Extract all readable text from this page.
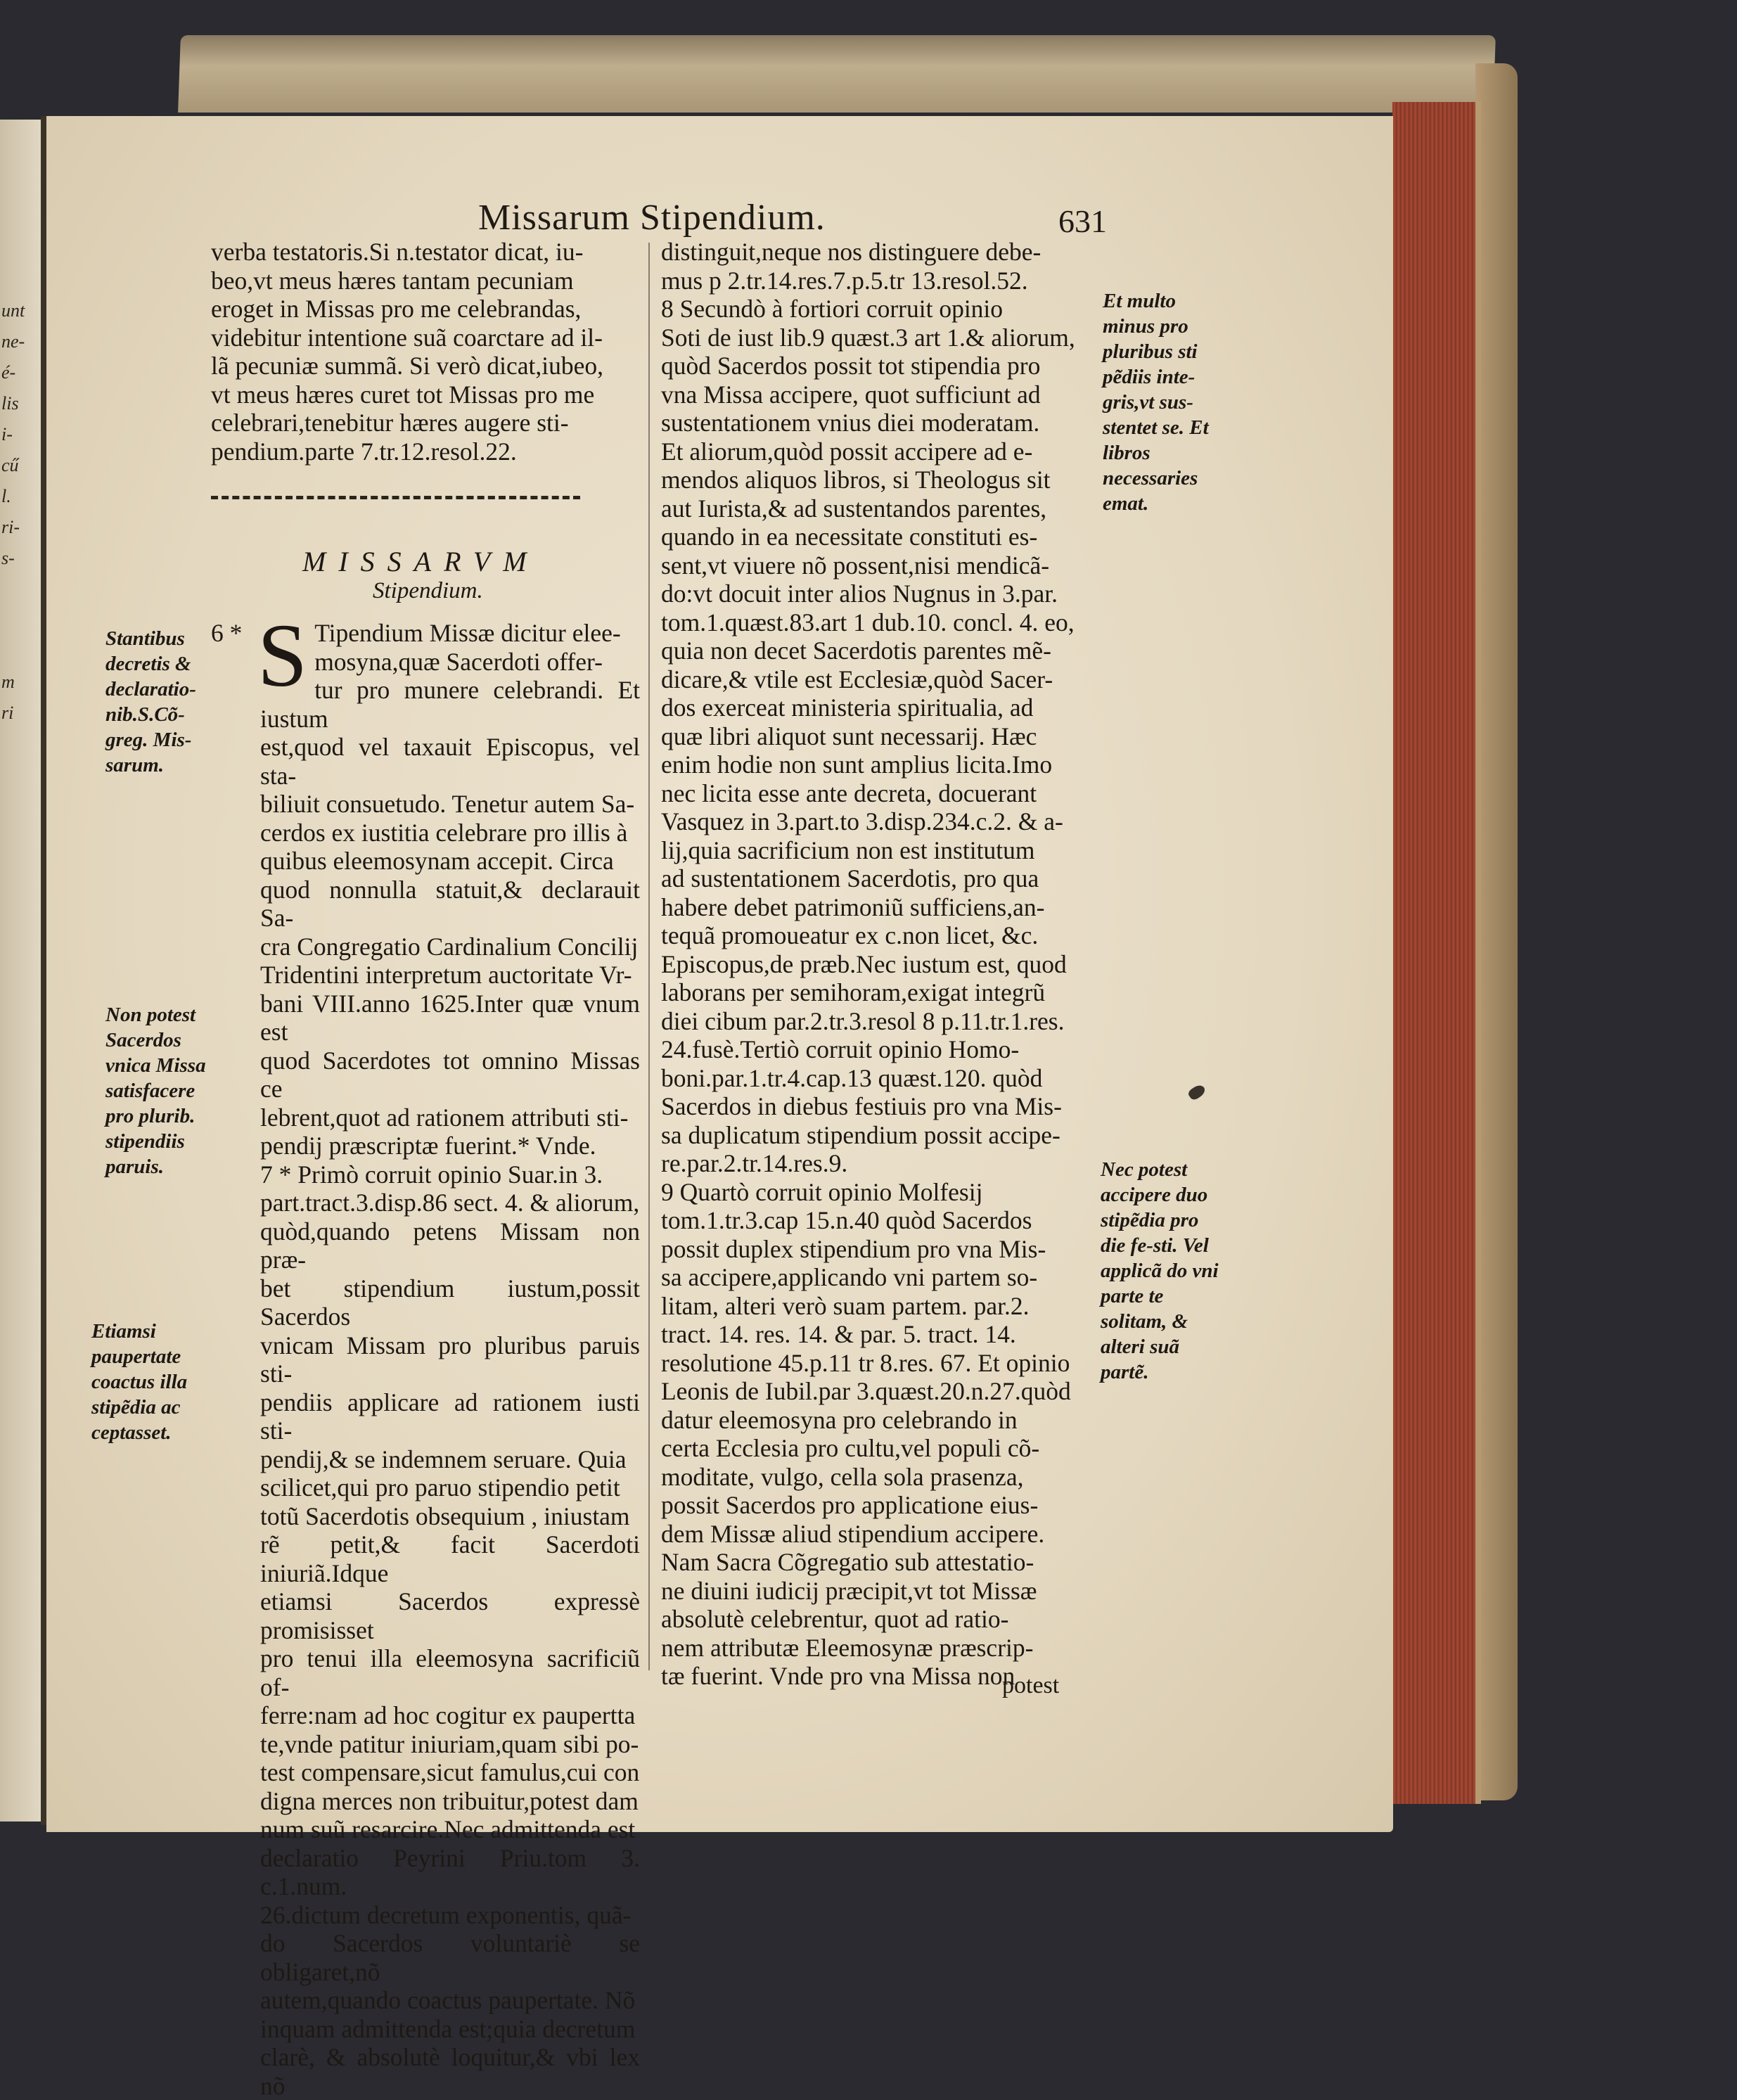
unt
ne-
é-
lis
i-
cű
l.
ri-
s-

m
ri
Missarum Stipendium.	631

verba testatoris.Si n.testator dicat, iu-

beo,vt meus hæres tantam pecuniam

eroget in Missas pro me celebrandas,

videbitur intentione suã coarctare ad il-

lã pecuniæ summã. Si verò dicat,iubeo,

vt meus hæres curet tot Missas pro me

celebrari,tenebitur hæres augere sti-

pendium.parte 7.tr.12.resol.22.

MISSARVM
Stipendium.
6 * S Tipendium Missæ dicitur elee-

mosyna,quæ Sacerdoti offer-

tur pro munere celebrandi. Et iustum

est,quod vel taxauit Episcopus, vel sta-

biliuit consuetudo. Tenetur autem Sa-

cerdos ex iustitia celebrare pro illis à

quibus eleemosynam accepit. Circa

quod nonnulla statuit,& declarauit Sa-

cra Congregatio Cardinalium Concilij

Tridentini interpretum auctoritate Vr-

bani VIII.anno 1625.Inter quæ vnum est

quod Sacerdotes tot omnino Missas ce

lebrent,quot ad rationem attributi sti-

pendij præscriptæ fuerint.* Vnde.

7 * Primò corruit opinio Suar.in 3.

part.tract.3.disp.86 sect. 4. & aliorum,

quòd,quando petens Missam non præ-

bet stipendium iustum,possit Sacerdos

vnicam Missam pro pluribus paruis sti-

pendiis applicare ad rationem iusti sti-

pendij,& se indemnem seruare. Quia

scilicet,qui pro paruo stipendio petit

totũ Sacerdotis obsequium , iniustam

rẽ petit,& facit Sacerdoti iniuriã.Idque

etiamsi Sacerdos expressè promisisset

pro tenui illa eleemosyna sacrificiũ of-

ferre:nam ad hoc cogitur ex paupertta

te,vnde patitur iniuriam,quam sibi po-

test compensare,sicut famulus,cui con

digna merces non tribuitur,potest dam

num suũ resarcire.Nec admittenda est

declaratio Peyrini Priu.tom 3. c.1.num.

26.dictum decretum exponentis, quã-

do Sacerdos voluntariè se obligaret,nõ

autem,quando coactus paupertate. Nõ

inquam admittenda est;quia decretum

clarè, & absolutè loquitur,& vbi lex nõ

distinguit,neque nos distinguere debe-

mus p 2.tr.14.res.7.p.5.tr 13.resol.52.

8 Secundò à fortiori corruit opinio

Soti de iust lib.9 quæst.3 art 1.& aliorum,

quòd Sacerdos possit tot stipendia pro

vna Missa accipere, quot sufficiunt ad

sustentationem vnius diei moderatam.

Et aliorum,quòd possit accipere ad e-

mendos aliquos libros, si Theologus sit

aut Iurista,& ad sustentandos parentes,

quando in ea necessitate constituti es-

sent,vt viuere nõ possent,nisi mendicã-

do:vt docuit inter alios Nugnus in 3.par.

tom.1.quæst.83.art 1 dub.10. concl. 4. eo,

quia non decet Sacerdotis parentes mẽ-

dicare,& vtile est Ecclesiæ,quòd Sacer-

dos exerceat ministeria spiritualia, ad

quæ libri aliquot sunt necessarij. Hæc

enim hodie non sunt amplius licita.Imo

nec licita esse ante decreta, docuerant

Vasquez in 3.part.to 3.disp.234.c.2. & a-

lij,quia sacrificium non est institutum

ad sustentationem Sacerdotis, pro qua

habere debet patrimoniũ sufficiens,an-

tequã promoueatur ex c.non licet, &c.

Episcopus,de præb.Nec iustum est, quod

laborans per semihoram,exigat integrũ

diei cibum par.2.tr.3.resol 8 p.11.tr.1.res.

24.fusè.Tertiò corruit opinio Homo-

boni.par.1.tr.4.cap.13 quæst.120. quòd

Sacerdos in diebus festiuis pro vna Mis-

sa duplicatum stipendium possit accipe-

re.par.2.tr.14.res.9.

9 Quartò corruit opinio Molfesij

tom.1.tr.3.cap 15.n.40 quòd Sacerdos

possit duplex stipendium pro vna Mis-

sa accipere,applicando vni partem so-

litam, alteri verò suam partem. par.2.

tract. 14. res. 14. & par. 5. tract. 14.

resolutione 45.p.11 tr 8.res. 67. Et opinio

Leonis de Iubil.par 3.quæst.20.n.27.quòd

datur eleemosyna pro celebrando in

certa Ecclesia pro cultu,vel populi cõ-

moditate, vulgo, cella sola prasenza,

possit Sacerdos pro applicatione eius-

dem Missæ aliud stipendium accipere.

Nam Sacra Cõgregatio sub attestatio-

ne diuini iudicij præcipit,vt tot Missæ

absolutè celebrentur, quot ad ratio-

nem attributæ Eleemosynæ præscrip-

tæ fuerint. Vnde pro vna Missa non

Stantibus decretis & declaratio-nib.S.Cõ-greg. Mis-sarum.
Non potest Sacerdos vnica Missa satisfacere pro plurib. stipendiis paruis.
Etiamsi paupertate coactus illa stipẽdia ac ceptasset.
Et multo minus pro pluribus sti pẽdiis inte-gris,vt sus-stentet se. Et libros necessaries emat.
Nec potest accipere duo stipẽdia pro die fe-sti. Vel applicã do vni parte te solitam, & alteri suã partẽ.
potest
